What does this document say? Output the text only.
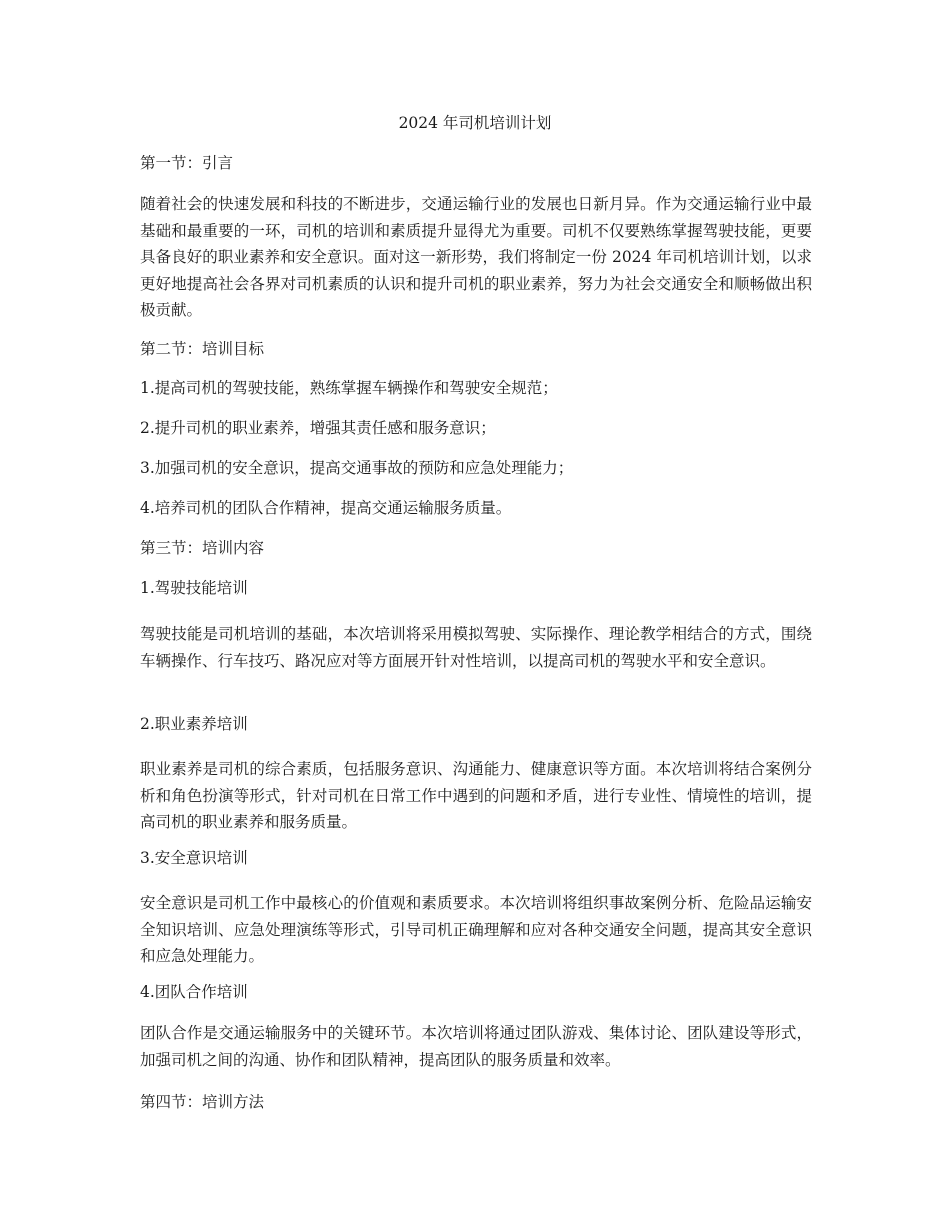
2024 年司机培训计划

第一节：引言

随着社会的快速发展和科技的不断进步，交通运输行业的发展也日新月异。作为交通运输行业中最基础和最重要的一环，司机的培训和素质提升显得尤为重要。司机不仅要熟练掌握驾驶技能，更要具备良好的职业素养和安全意识。面对这一新形势，我们将制定一份 2024 年司机培训计划，以求更好地提高社会各界对司机素质的认识和提升司机的职业素养，努力为社会交通安全和顺畅做出积极贡献。

第二节：培训目标

1.提高司机的驾驶技能，熟练掌握车辆操作和驾驶安全规范；

2.提升司机的职业素养，增强其责任感和服务意识；

3.加强司机的安全意识，提高交通事故的预防和应急处理能力；

4.培养司机的团队合作精神，提高交通运输服务质量。

第三节：培训内容

1.驾驶技能培训

驾驶技能是司机培训的基础，本次培训将采用模拟驾驶、实际操作、理论教学相结合的方式，围绕车辆操作、行车技巧、路况应对等方面展开针对性培训，以提高司机的驾驶水平和安全意识。

2.职业素养培训

职业素养是司机的综合素质，包括服务意识、沟通能力、健康意识等方面。本次培训将结合案例分析和角色扮演等形式，针对司机在日常工作中遇到的问题和矛盾，进行专业性、情境性的培训，提高司机的职业素养和服务质量。

3.安全意识培训

安全意识是司机工作中最核心的价值观和素质要求。本次培训将组织事故案例分析、危险品运输安全知识培训、应急处理演练等形式，引导司机正确理解和应对各种交通安全问题，提高其安全意识和应急处理能力。

4.团队合作培训

团队合作是交通运输服务中的关键环节。本次培训将通过团队游戏、集体讨论、团队建设等形式，加强司机之间的沟通、协作和团队精神，提高团队的服务质量和效率。

第四节：培训方法
